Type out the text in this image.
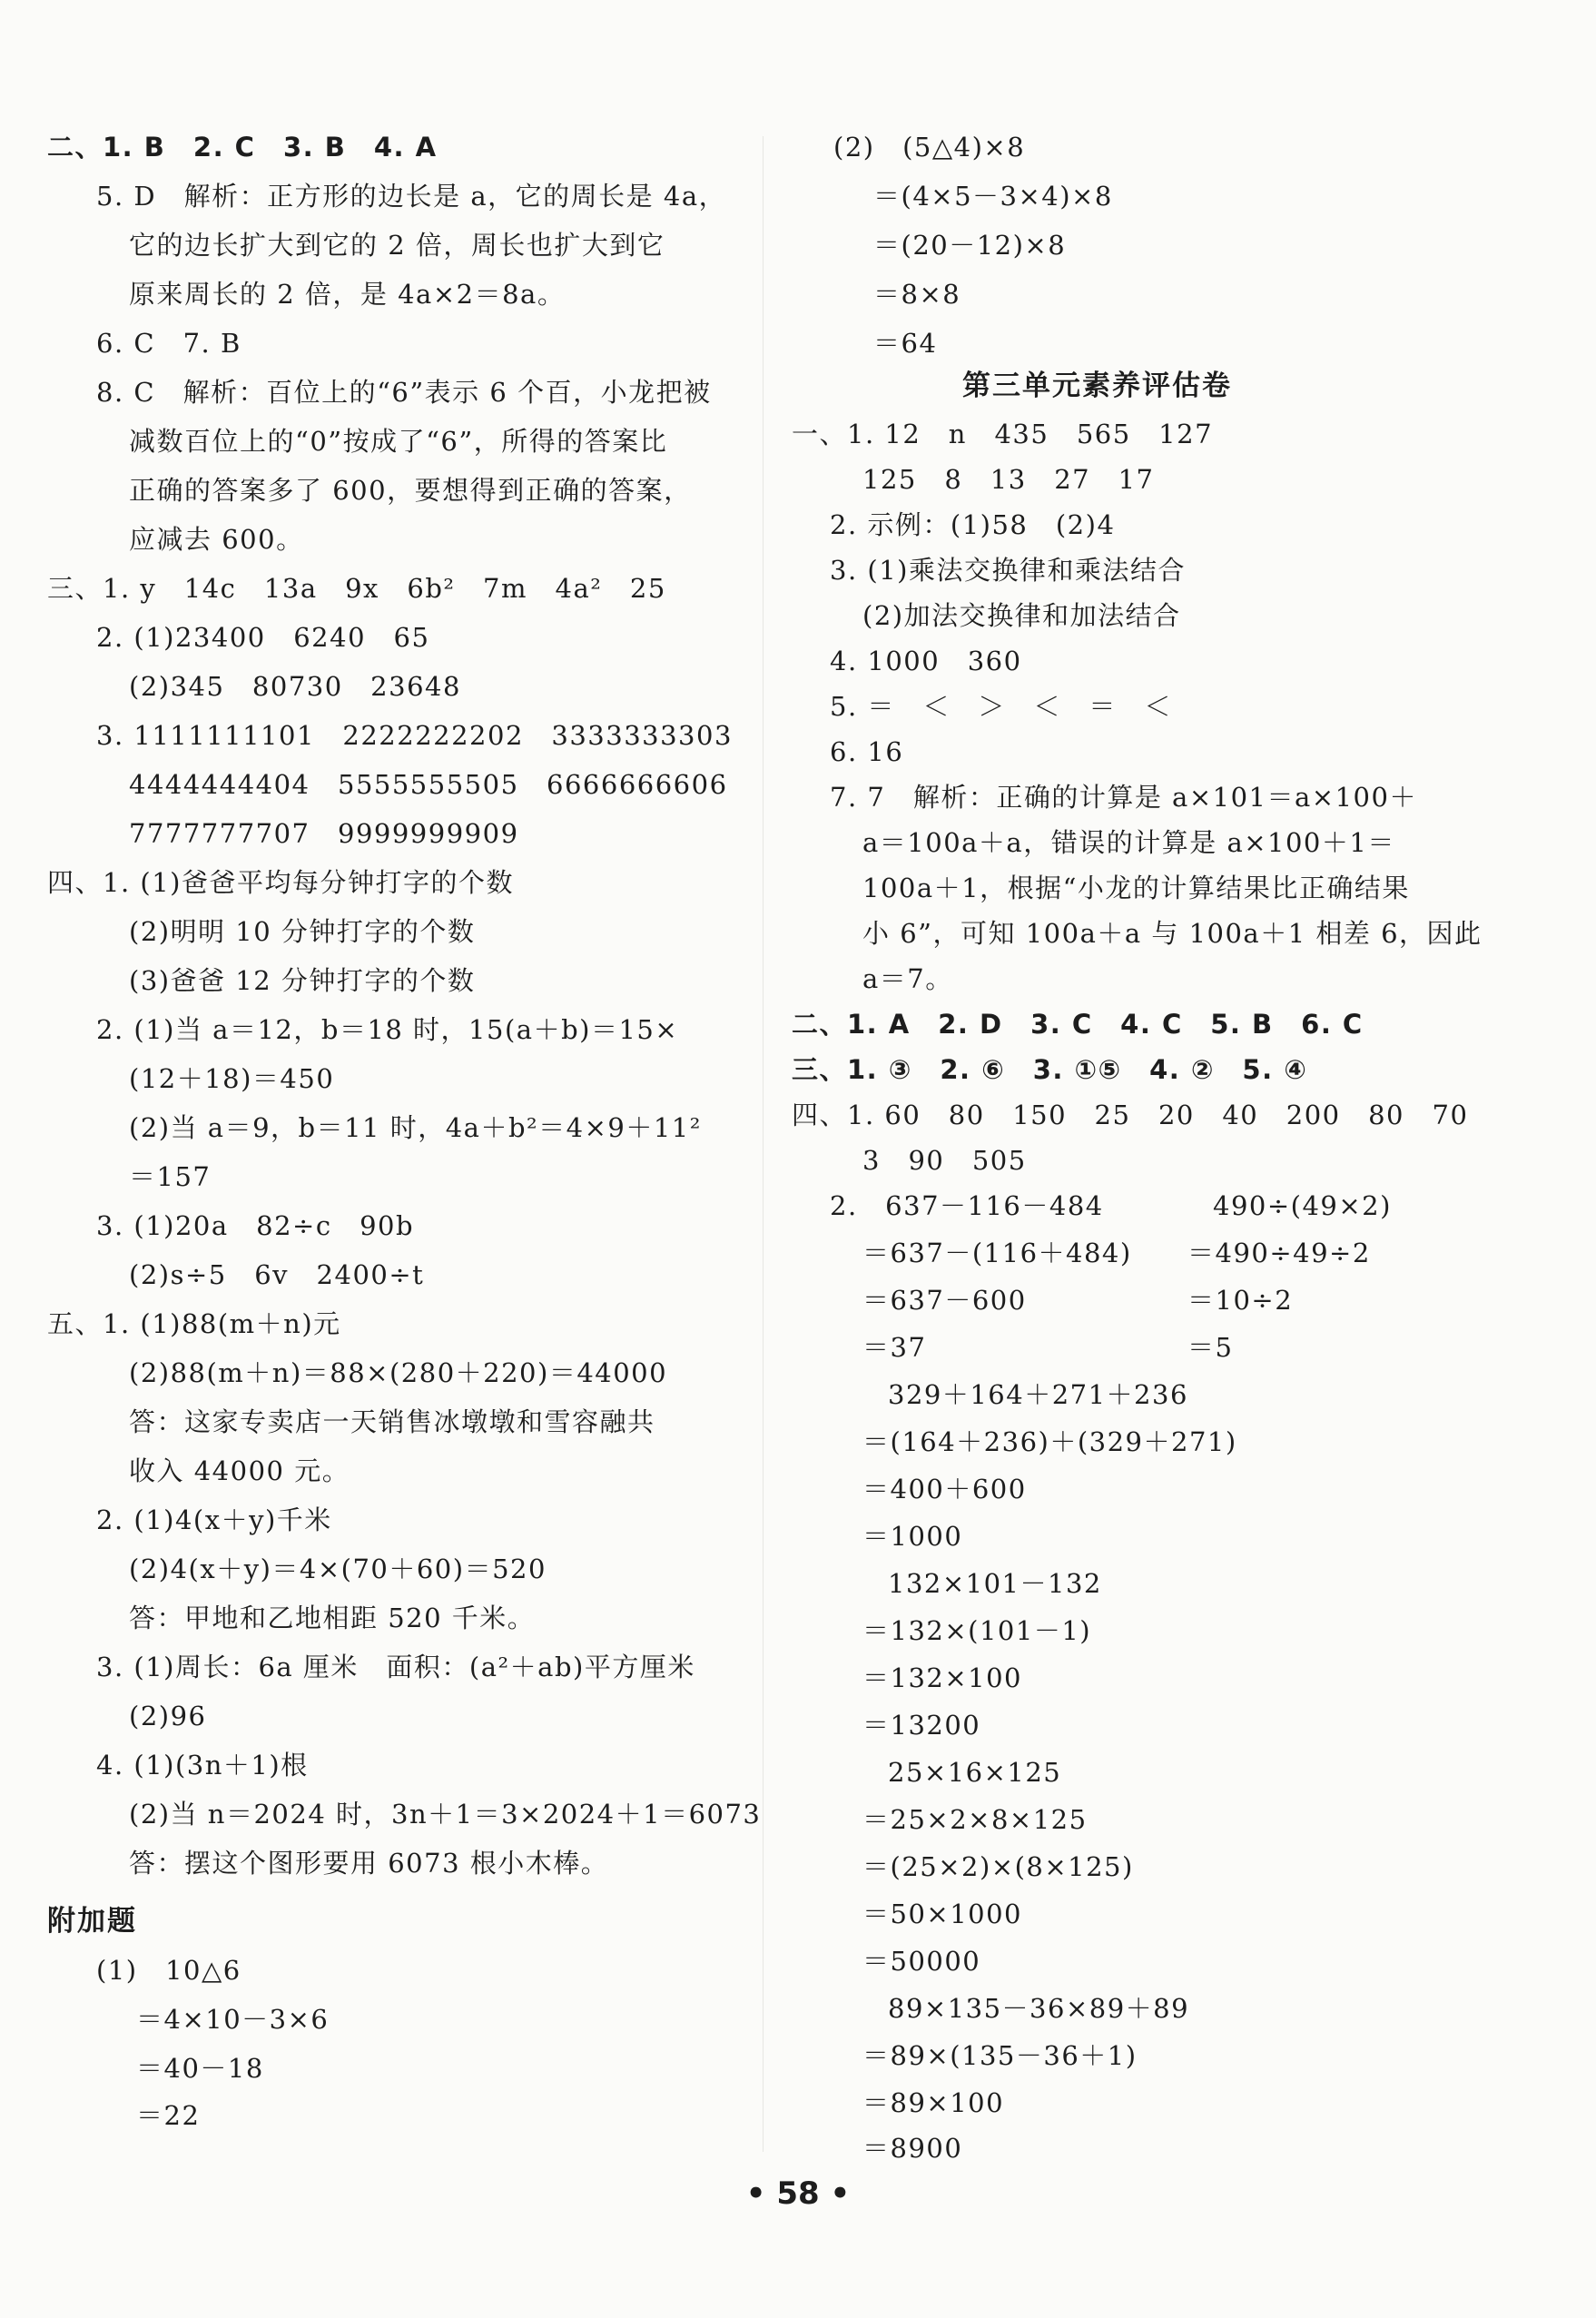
二、1. B　2. C　3. B　4. A
5. D　解析：正方形的边长是 a，它的周长是 4a，
它的边长扩大到它的 2 倍，周长也扩大到它
原来周长的 2 倍，是 4a×2＝8a。
6. C　7. B
8. C　解析：百位上的“6”表示 6 个百，小龙把被
减数百位上的“0”按成了“6”，所得的答案比
正确的答案多了 600，要想得到正确的答案，
应减去 600。
三、1. y　14c　13a　9x　6b²　7m　4a²　25
2. (1)23400　6240　65
(2)345　80730　23648
3. 1111111101　2222222202　3333333303
4444444404　5555555505　6666666606
7777777707　9999999909
四、1. (1)爸爸平均每分钟打字的个数
(2)明明 10 分钟打字的个数
(3)爸爸 12 分钟打字的个数
2. (1)当 a＝12，b＝18 时，15(a＋b)＝15×
(12＋18)＝450
(2)当 a＝9，b＝11 时，4a＋b²＝4×9＋11²
＝157
3. (1)20a　82÷c　90b
(2)s÷5　6v　2400÷t
五、1. (1)88(m＋n)元
(2)88(m＋n)＝88×(280＋220)＝44000
答：这家专卖店一天销售冰墩墩和雪容融共
收入 44000 元。
2. (1)4(x＋y)千米
(2)4(x＋y)＝4×(70＋60)＝520
答：甲地和乙地相距 520 千米。
3. (1)周长：6a 厘米　面积：(a²＋ab)平方厘米
(2)96
4. (1)(3n＋1)根
(2)当 n＝2024 时，3n＋1＝3×2024＋1＝6073
答：摆这个图形要用 6073 根小木棒。
附加题
(1)　10△6
＝4×10－3×6
＝40－18
＝22
(2)　(5△4)×8
＝(4×5－3×4)×8
＝(20－12)×8
＝8×8
＝64
第三单元素养评估卷
一、1. 12　n　435　565　127
125　8　13　27　17
2. 示例：(1)58　(2)4
3. (1)乘法交换律和乘法结合
(2)加法交换律和加法结合
4. 1000　360
5. ＝　＜　＞　＜　＝　＜
6. 16
7. 7　解析：正确的计算是 a×101＝a×100＋
a＝100a＋a，错误的计算是 a×100＋1＝
100a＋1，根据“小龙的计算结果比正确结果
小 6”，可知 100a＋a 与 100a＋1 相差 6，因此
a＝7。
二、1. A　2. D　3. C　4. C　5. B　6. C
三、1. ③　2. ⑥　3. ①⑤　4. ②　5. ④
四、1. 60　80　150　25　20　40　200　80　70
3　90　505
2.　637－116－484	490÷(49×2)
＝637－(116＋484) ＝490÷49÷2
＝637－600	＝10÷2
＝37	＝5
329＋164＋271＋236
＝(164＋236)＋(329＋271)
＝400＋600
＝1000
132×101－132
＝132×(101－1)
＝132×100
＝13200
25×16×125
＝25×2×8×125
＝(25×2)×(8×125)
＝50×1000
＝50000
89×135－36×89＋89
＝89×(135－36＋1)
＝89×100
＝8900
• 58 •
